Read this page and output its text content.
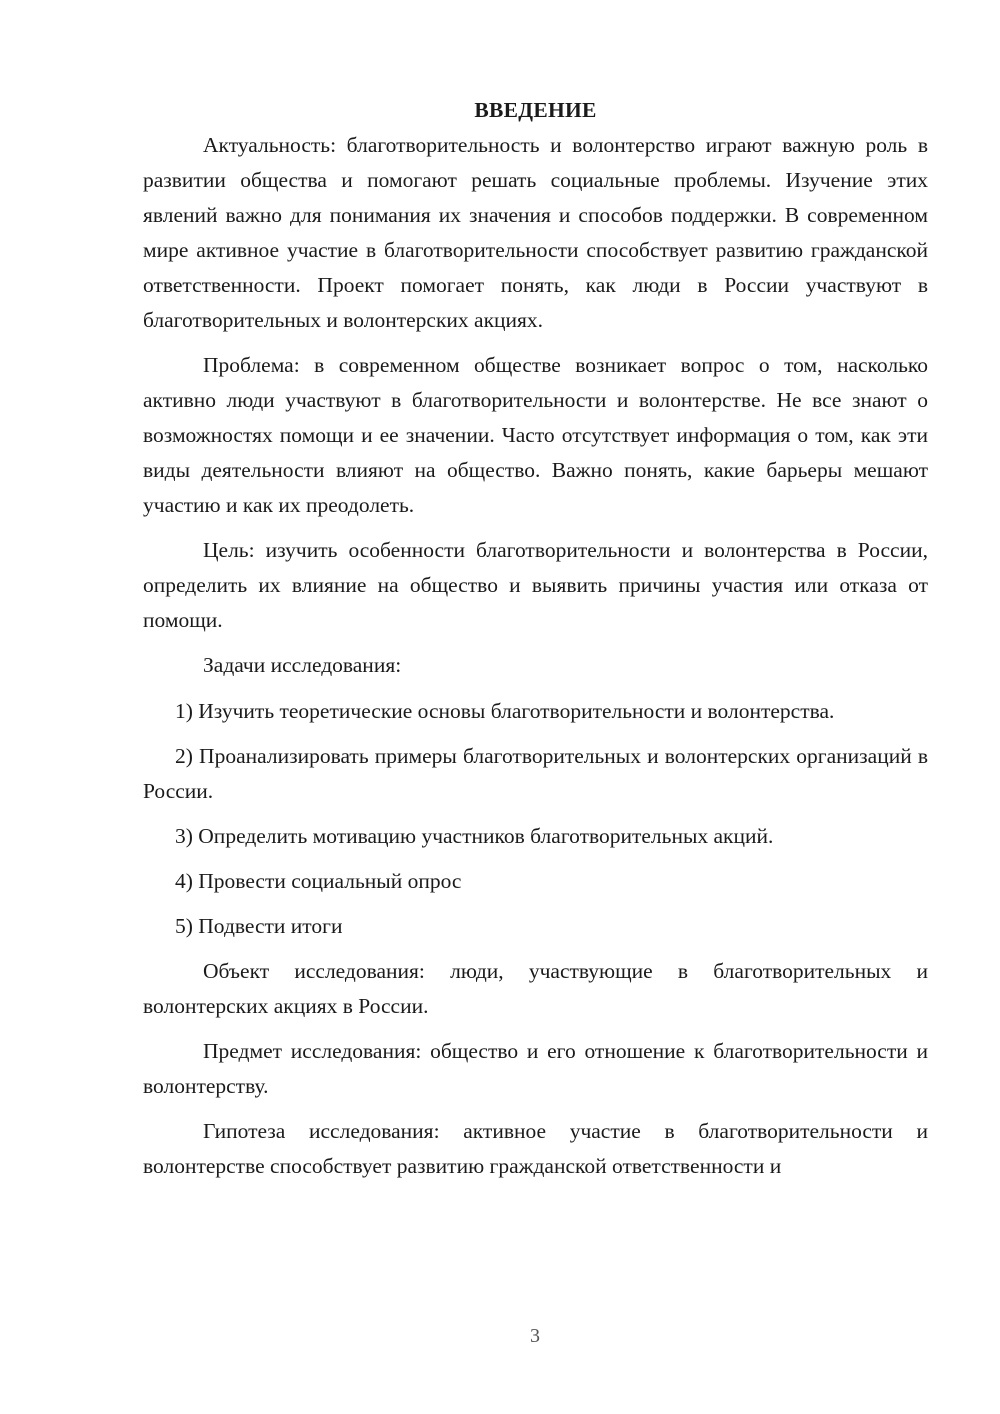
ВВЕДЕНИЕ

Актуальность: благотворительность и волонтерство играют важную роль в развитии общества и помогают решать социальные проблемы. Изучение этих явлений важно для понимания их значения и способов поддержки. В современном мире активное участие в благотворительности способствует развитию гражданской ответственности. Проект помогает понять, как люди в России участвуют в благотворительных и волонтерских акциях.

Проблема: в современном обществе возникает вопрос о том, насколько активно люди участвуют в благотворительности и волонтерстве. Не все знают о возможностях помощи и ее значении. Часто отсутствует информация о том, как эти виды деятельности влияют на общество. Важно понять, какие барьеры мешают участию и как их преодолеть.

Цель: изучить особенности благотворительности и волонтерства в России, определить их влияние на общество и выявить причины участия или отказа от помощи.

Задачи исследования:

1) Изучить теоретические основы благотворительности и волонтерства.

2) Проанализировать примеры благотворительных и волонтерских организаций в России.

3) Определить мотивацию участников благотворительных акций.

4) Провести социальный опрос

5) Подвести итоги

Объект исследования: люди, участвующие в благотворительных и волонтерских акциях в России.

Предмет исследования: общество и его отношение к благотворительности и волонтерству.

Гипотеза исследования: активное участие в благотворительности и волонтерстве способствует развитию гражданской ответственности и

3
